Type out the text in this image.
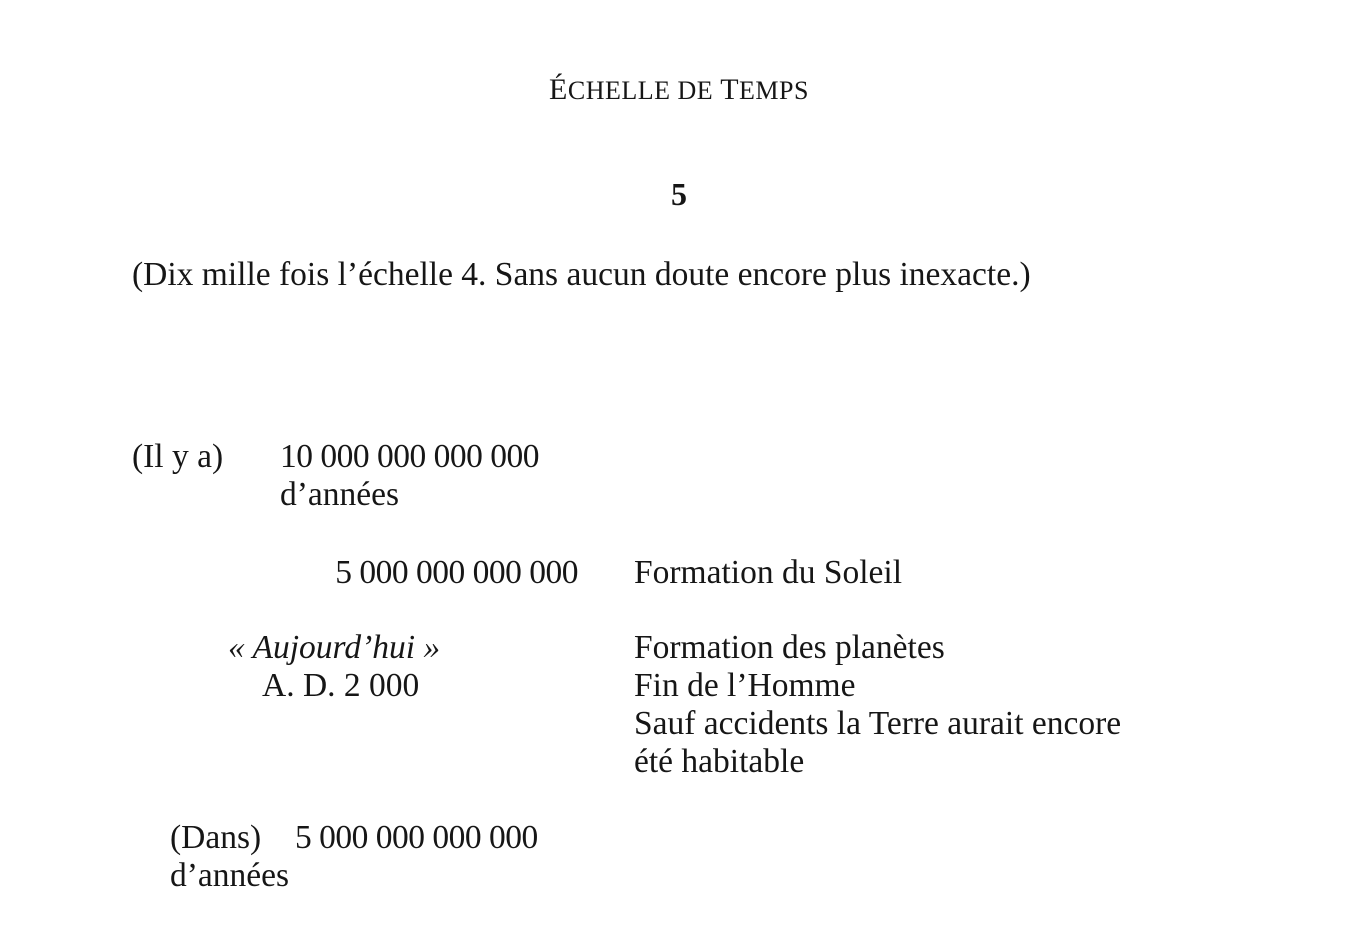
ÉCHELLE DE TEMPS
5
(Dix mille fois l’échelle 4. Sans aucun doute encore plus inexacte.)
(Il y a) 10 000 000 000 000
d’années
5 000 000 000 000 Formation du Soleil
« Aujourd’hui »
A. D. 2 000
Formation des planètes
Fin de l’Homme
Sauf accidents la Terre aurait encore
été habitable
(Dans) 5 000 000 000 000
d’années
